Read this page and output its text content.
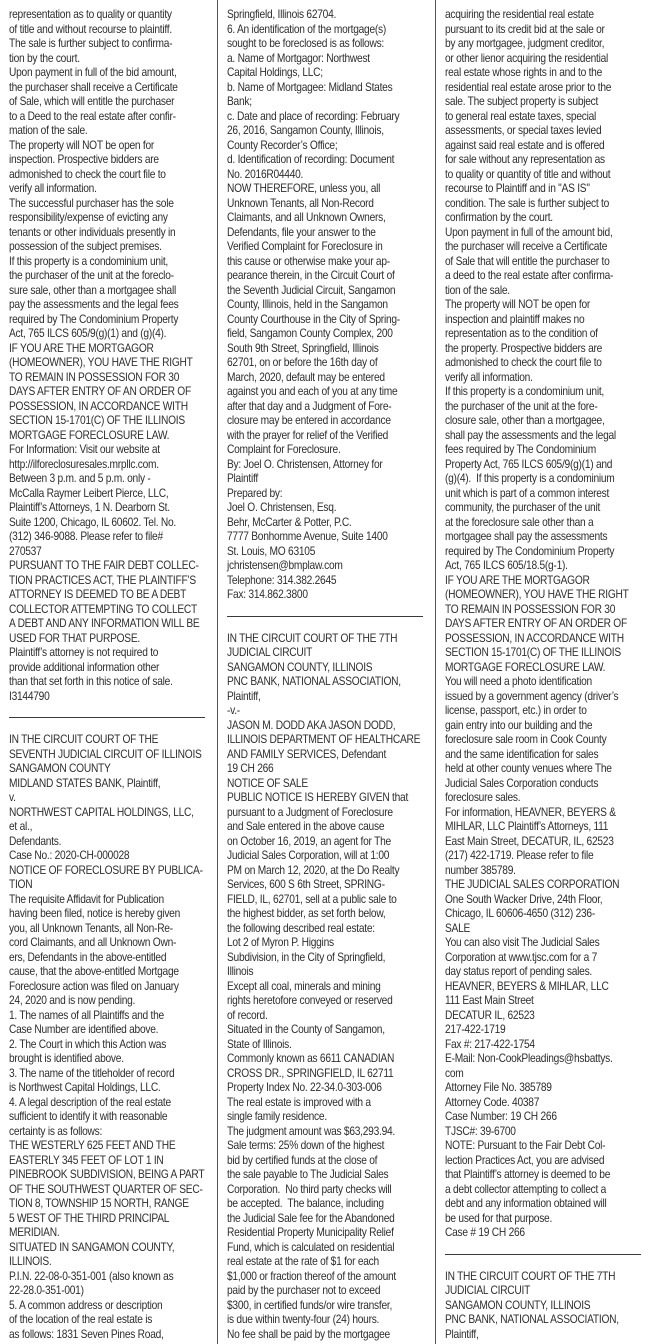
representation as to quality or quantity
of title and without recourse to plaintiff.
The sale is further subject to confirma-
tion by the court.
Upon payment in full of the bid amount,
the purchaser shall receive a Certificate
of Sale, which will entitle the purchaser
to a Deed to the real estate after confir-
mation of the sale.
The property will NOT be open for
inspection. Prospective bidders are
admonished to check the court file to
verify all information.
The successful purchaser has the sole
responsibility/expense of evicting any
tenants or other individuals presently in
possession of the subject premises.
If this property is a condominium unit,
the purchaser of the unit at the foreclo-
sure sale, other than a mortgagee shall
pay the assessments and the legal fees
required by The Condominium Property
Act, 765 ILCS 605/9(g)(1) and (g)(4).
IF YOU ARE THE MORTGAGOR
(HOMEOWNER), YOU HAVE THE RIGHT
TO REMAIN IN POSSESSION FOR 30
DAYS AFTER ENTRY OF AN ORDER OF
POSSESSION, IN ACCORDANCE WITH
SECTION 15-1701(C) OF THE ILLINOIS
MORTGAGE FORECLOSURE LAW.
For Information: Visit our website at
http://ilforeclosuresales.mrpllc.com.
Between 3 p.m. and 5 p.m. only -
McCalla Raymer Leibert Pierce, LLC,
Plaintiff’s Attorneys, 1 N. Dearborn St.
Suite 1200, Chicago, IL 60602. Tel. No.
(312) 346-9088. Please refer to file#
270537
PURSUANT TO THE FAIR DEBT COLLEC-
TION PRACTICES ACT, THE PLAINTIFF’S
ATTORNEY IS DEEMED TO BE A DEBT
COLLECTOR ATTEMPTING TO COLLECT
A DEBT AND ANY INFORMATION WILL BE
USED FOR THAT PURPOSE.
Plaintiff’s attorney is not required to
provide additional information other
than that set forth in this notice of sale.
I3144790
IN THE CIRCUIT COURT OF THE
SEVENTH JUDICIAL CIRCUIT OF ILLINOIS
SANGAMON COUNTY
MIDLAND STATES BANK, Plaintiff,
v.
NORTHWEST CAPITAL HOLDINGS, LLC,
et al.,
Defendants.
Case No.: 2020-CH-000028
NOTICE OF FORECLOSURE BY PUBLICA-
TION
The requisite Affidavit for Publication
having been filed, notice is hereby given
you, all Unknown Tenants, all Non-Re-
cord Claimants, and all Unknown Own-
ers, Defendants in the above-entitled
cause, that the above-entitled Mortgage
Foreclosure action was filed on January
24, 2020 and is now pending.
1. The names of all Plaintiffs and the
Case Number are identified above.
2. The Court in which this Action was
brought is identified above.
3. The name of the titleholder of record
is Northwest Capital Holdings, LLC.
4. A legal description of the real estate
sufficient to identify it with reasonable
certainty is as follows:
THE WESTERLY 625 FEET AND THE
EASTERLY 345 FEET OF LOT 1 IN
PINEBROOK SUBDIVISION, BEING A PART
OF THE SOUTHWEST QUARTER OF SEC-
TION 8, TOWNSHIP 15 NORTH, RANGE
5 WEST OF THE THIRD PRINCIPAL
MERIDIAN.
SITUATED IN SANGAMON COUNTY,
ILLINOIS.
P.I.N. 22-08-0-351-001 (also known as
22-28.0-351-001)
5. A common address or description
of the location of the real estate is
as follows: 1831 Seven Pines Road,
Springfield, Illinois 62704.
6. An identification of the mortgage(s)
sought to be foreclosed is as follows:
a. Name of Mortgagor: Northwest
Capital Holdings, LLC;
b. Name of Mortgagee: Midland States
Bank;
c. Date and place of recording: February
26, 2016, Sangamon County, Illinois,
County Recorder’s Office;
d. Identification of recording: Document
No. 2016R04440.
NOW THEREFORE, unless you, all
Unknown Tenants, all Non-Record
Claimants, and all Unknown Owners,
Defendants, file your answer to the
Verified Complaint for Foreclosure in
this cause or otherwise make your ap-
pearance therein, in the Circuit Court of
the Seventh Judicial Circuit, Sangamon
County, Illinois, held in the Sangamon
County Courthouse in the City of Spring-
field, Sangamon County Complex, 200
South 9th Street, Springfield, Illinois
62701, on or before the 16th day of
March, 2020, default may be entered
against you and each of you at any time
after that day and a Judgment of Fore-
closure may be entered in accordance
with the prayer for relief of the Verified
Complaint for Foreclosure.
By: Joel O. Christensen, Attorney for
Plaintiff
Prepared by:
Joel O. Christensen, Esq.
Behr, McCarter & Potter, P.C.
7777 Bonhomme Avenue, Suite 1400
St. Louis, MO 63105
jchristensen@bmplaw.com
Telephone: 314.382.2645
Fax: 314.862.3800
IN THE CIRCUIT COURT OF THE 7TH
JUDICIAL CIRCUIT
SANGAMON COUNTY, ILLINOIS
PNC BANK, NATIONAL ASSOCIATION,
Plaintiff,
-v.-
JASON M. DODD AKA JASON DODD,
ILLINOIS DEPARTMENT OF HEALTHCARE
AND FAMILY SERVICES, Defendant
19 CH 266
NOTICE OF SALE
PUBLIC NOTICE IS HEREBY GIVEN that
pursuant to a Judgment of Foreclosure
and Sale entered in the above cause
on October 16, 2019, an agent for The
Judicial Sales Corporation, will at 1:00
PM on March 12, 2020, at the Do Realty
Services, 600 S 6th Street, SPRING-
FIELD, IL, 62701, sell at a public sale to
the highest bidder, as set forth below,
the following described real estate:
Lot 2 of Myron P. Higgins
Subdivision, in the City of Springfield,
Illinois
Except all coal, minerals and mining
rights heretofore conveyed or reserved
of record.
Situated in the County of Sangamon,
State of Illinois.
Commonly known as 6611 CANADIAN
CROSS DR., SPRINGFIELD, IL 62711
Property Index No. 22-34.0-303-006
The real estate is improved with a
single family residence.
The judgment amount was $63,293.94.
Sale terms: 25% down of the highest
bid by certified funds at the close of
the sale payable to The Judicial Sales
Corporation.  No third party checks will
be accepted.  The balance, including
the Judicial Sale fee for the Abandoned
Residential Property Municipality Relief
Fund, which is calculated on residential
real estate at the rate of $1 for each
$1,000 or fraction thereof of the amount
paid by the purchaser not to exceed
$300, in certified funds/or wire transfer,
is due within twenty-four (24) hours.
No fee shall be paid by the mortgagee
acquiring the residential real estate
pursuant to its credit bid at the sale or
by any mortgagee, judgment creditor,
or other lienor acquiring the residential
real estate whose rights in and to the
residential real estate arose prior to the
sale. The subject property is subject
to general real estate taxes, special
assessments, or special taxes levied
against said real estate and is offered
for sale without any representation as
to quality or quantity of title and without
recourse to Plaintiff and in "AS IS"
condition. The sale is further subject to
confirmation by the court.
Upon payment in full of the amount bid,
the purchaser will receive a Certificate
of Sale that will entitle the purchaser to
a deed to the real estate after confirma-
tion of the sale.
The property will NOT be open for
inspection and plaintiff makes no
representation as to the condition of
the property. Prospective bidders are
admonished to check the court file to
verify all information.
If this property is a condominium unit,
the purchaser of the unit at the fore-
closure sale, other than a mortgagee,
shall pay the assessments and the legal
fees required by The Condominium
Property Act, 765 ILCS 605/9(g)(1) and
(g)(4).  If this property is a condominium
unit which is part of a common interest
community, the purchaser of the unit
at the foreclosure sale other than a
mortgagee shall pay the assessments
required by The Condominium Property
Act, 765 ILCS 605/18.5(g-1).
IF YOU ARE THE MORTGAGOR
(HOMEOWNER), YOU HAVE THE RIGHT
TO REMAIN IN POSSESSION FOR 30
DAYS AFTER ENTRY OF AN ORDER OF
POSSESSION, IN ACCORDANCE WITH
SECTION 15-1701(C) OF THE ILLINOIS
MORTGAGE FORECLOSURE LAW.
You will need a photo identification
issued by a government agency (driver’s
license, passport, etc.) in order to
gain entry into our building and the
foreclosure sale room in Cook County
and the same identification for sales
held at other county venues where The
Judicial Sales Corporation conducts
foreclosure sales.
For information, HEAVNER, BEYERS &
MIHLAR, LLC Plaintiff’s Attorneys, 111
East Main Street, DECATUR, IL, 62523
(217) 422-1719. Please refer to file
number 385789.
THE JUDICIAL SALES CORPORATION
One South Wacker Drive, 24th Floor,
Chicago, IL 60606-4650 (312) 236-
SALE
You can also visit The Judicial Sales
Corporation at www.tjsc.com for a 7
day status report of pending sales.
HEAVNER, BEYERS & MIHLAR, LLC
111 East Main Street
DECATUR IL, 62523
217-422-1719
Fax #: 217-422-1754
E-Mail: Non-CookPleadings@hsbattys.
com
Attorney File No. 385789
Attorney Code. 40387
Case Number: 19 CH 266
TJSC#: 39-6700
NOTE: Pursuant to the Fair Debt Col-
lection Practices Act, you are advised
that Plaintiff’s attorney is deemed to be
a debt collector attempting to collect a
debt and any information obtained will
be used for that purpose.
Case # 19 CH 266
IN THE CIRCUIT COURT OF THE 7TH
JUDICIAL CIRCUIT
SANGAMON COUNTY, ILLINOIS
PNC BANK, NATIONAL ASSOCIATION,
Plaintiff,
